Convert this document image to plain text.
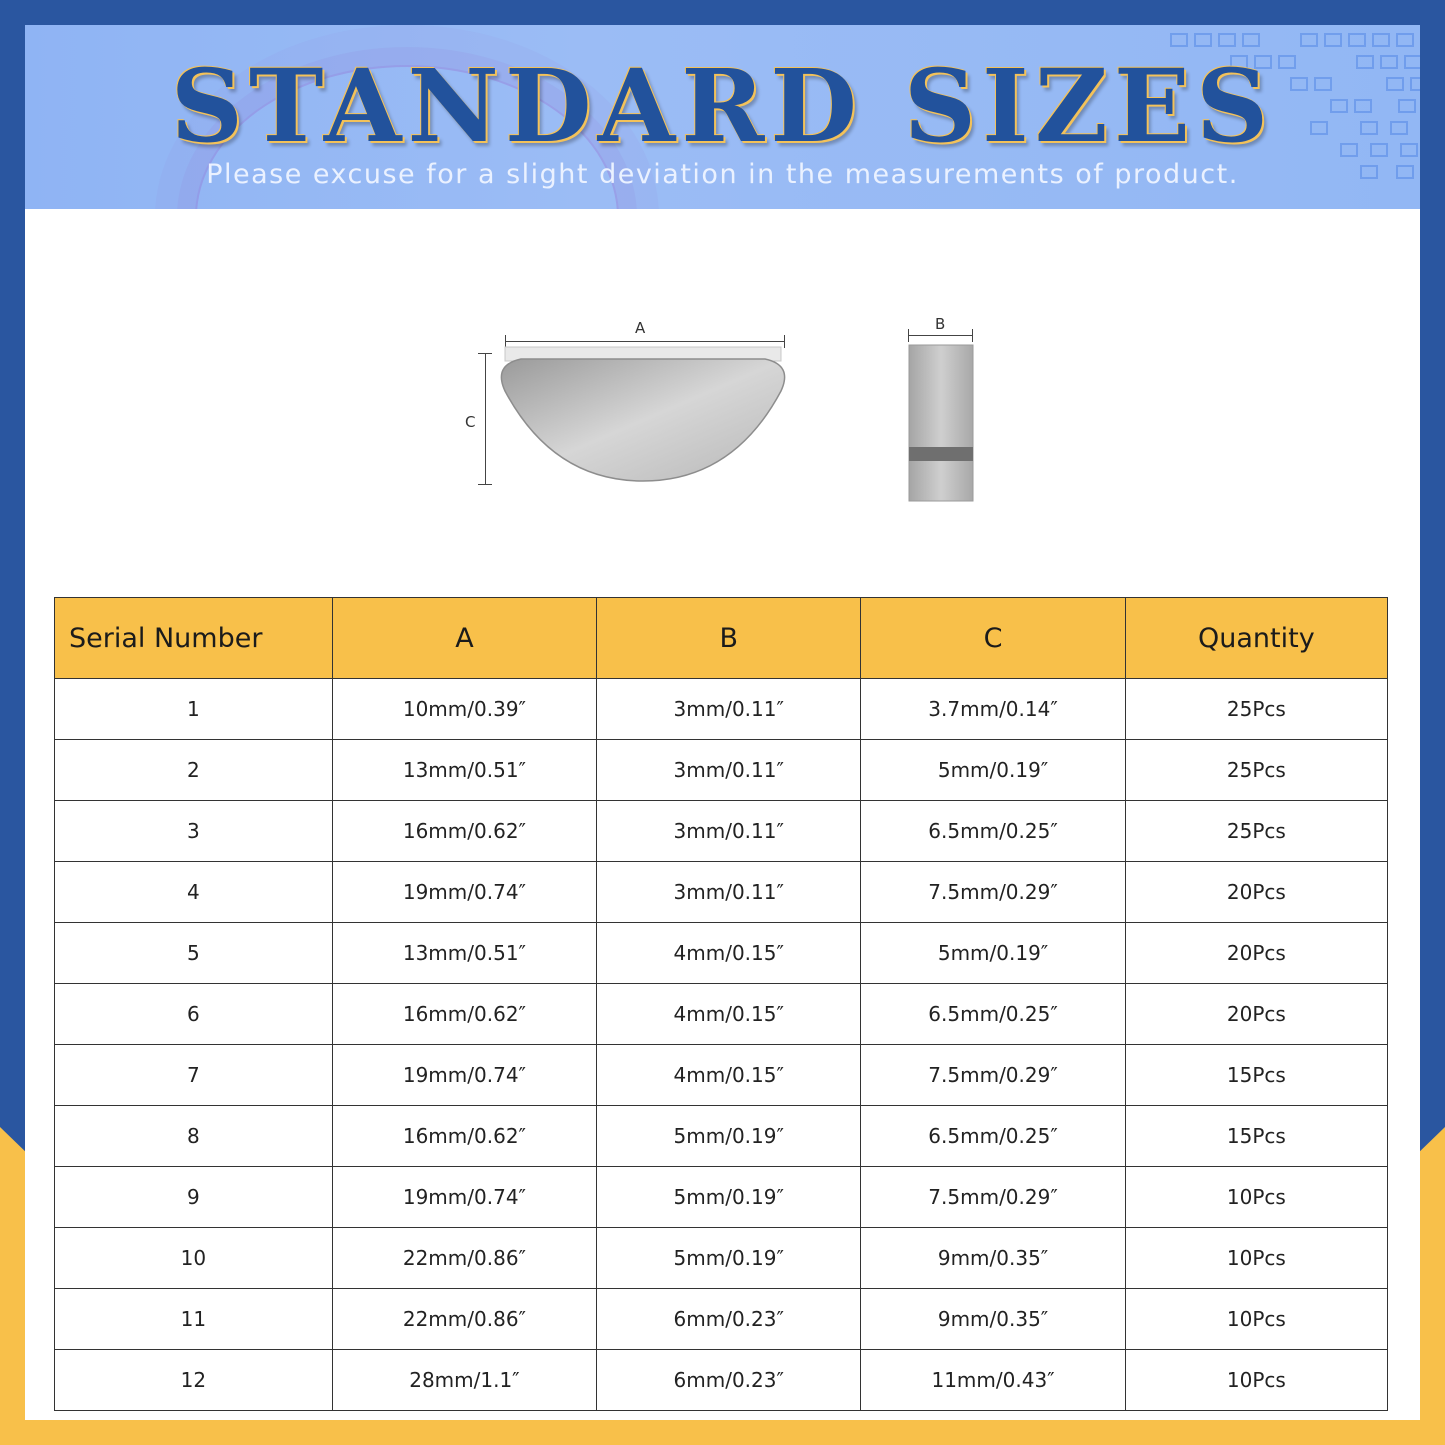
STANDARD SIZES
Please excuse for a slight deviation in the measurements of product.
A
C
B
Serial Number	A	B	C	Quantity
1	10mm/0.39″	3mm/0.11″	3.7mm/0.14″	25Pcs
2	13mm/0.51″	3mm/0.11″	5mm/0.19″	25Pcs
3	16mm/0.62″	3mm/0.11″	6.5mm/0.25″	25Pcs
4	19mm/0.74″	3mm/0.11″	7.5mm/0.29″	20Pcs
5	13mm/0.51″	4mm/0.15″	5mm/0.19″	20Pcs
6	16mm/0.62″	4mm/0.15″	6.5mm/0.25″	20Pcs
7	19mm/0.74″	4mm/0.15″	7.5mm/0.29″	15Pcs
8	16mm/0.62″	5mm/0.19″	6.5mm/0.25″	15Pcs
9	19mm/0.74″	5mm/0.19″	7.5mm/0.29″	10Pcs
10	22mm/0.86″	5mm/0.19″	9mm/0.35″	10Pcs
11	22mm/0.86″	6mm/0.23″	9mm/0.35″	10Pcs
12	28mm/1.1″	6mm/0.23″	11mm/0.43″	10Pcs
